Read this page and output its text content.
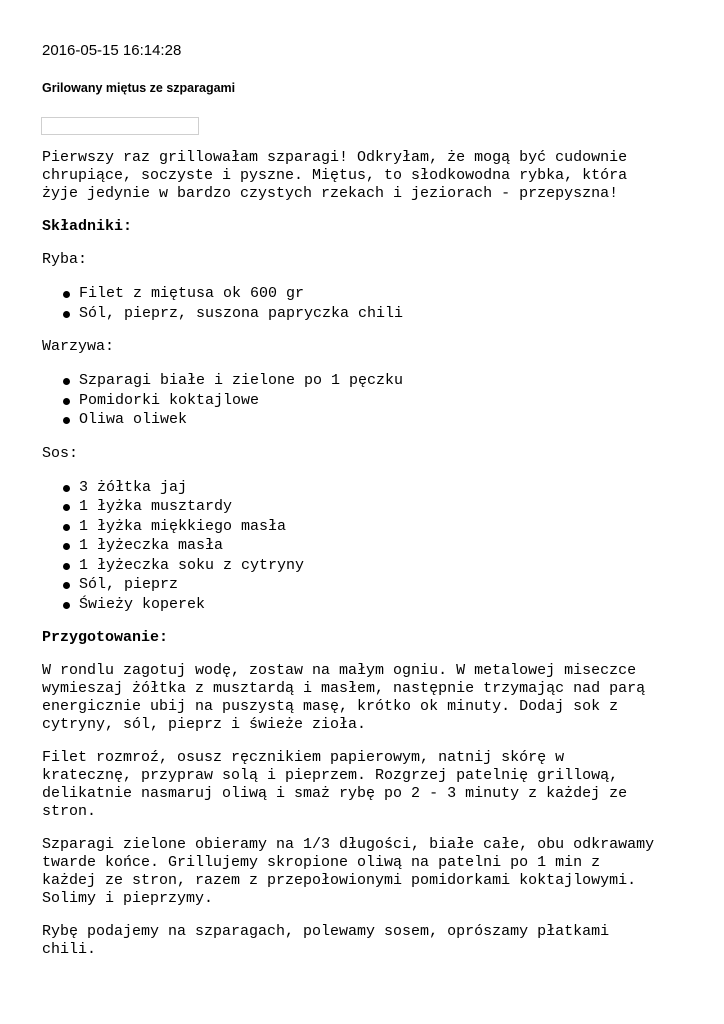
2016-05-15 16:14:28
Grilowany miętus ze szparagami

Pierwszy raz grillowałam szparagi! Odkryłam, że mogą być cudownie

chrupiące, soczyste i pyszne. Miętus, to słodkowodna rybka, która

żyje jedynie w bardzo czystych rzekach i jeziorach - przepyszna!

Składniki:

Ryba:

Filet z miętusa ok 600 gr
Sól, pieprz, suszona papryczka chili

Warzywa:

Szparagi białe i zielone po 1 pęczku
Pomidorki koktajlowe
Oliwa oliwek

Sos:

3 żółtka jaj
1 łyżka musztardy
1 łyżka miękkiego masła
1 łyżeczka masła
1 łyżeczka soku z cytryny
Sól, pieprz
Świeży koperek

Przygotowanie:

W rondlu zagotuj wodę, zostaw na małym ogniu. W metalowej miseczce

wymieszaj żółtka z musztardą i masłem, następnie trzymając nad parą

energicznie ubij na puszystą masę, krótko ok minuty. Dodaj sok z

cytryny, sól, pieprz i świeże zioła.

Filet rozmroź, osusz ręcznikiem papierowym, natnij skórę w

kratecznę, przypraw solą i pieprzem. Rozgrzej patelnię grillową,

delikatnie nasmaruj oliwą i smaż rybę po 2 - 3 minuty z każdej ze

stron.

Szparagi zielone obieramy na 1/3 długości, białe całe, obu odkrawamy

twarde końce. Grillujemy skropione oliwą na patelni po 1 min z

każdej ze stron, razem z przepołowionymi pomidorkami koktajlowymi.

Solimy i pieprzymy.

Rybę podajemy na szparagach, polewamy sosem, oprószamy płatkami

chili.
